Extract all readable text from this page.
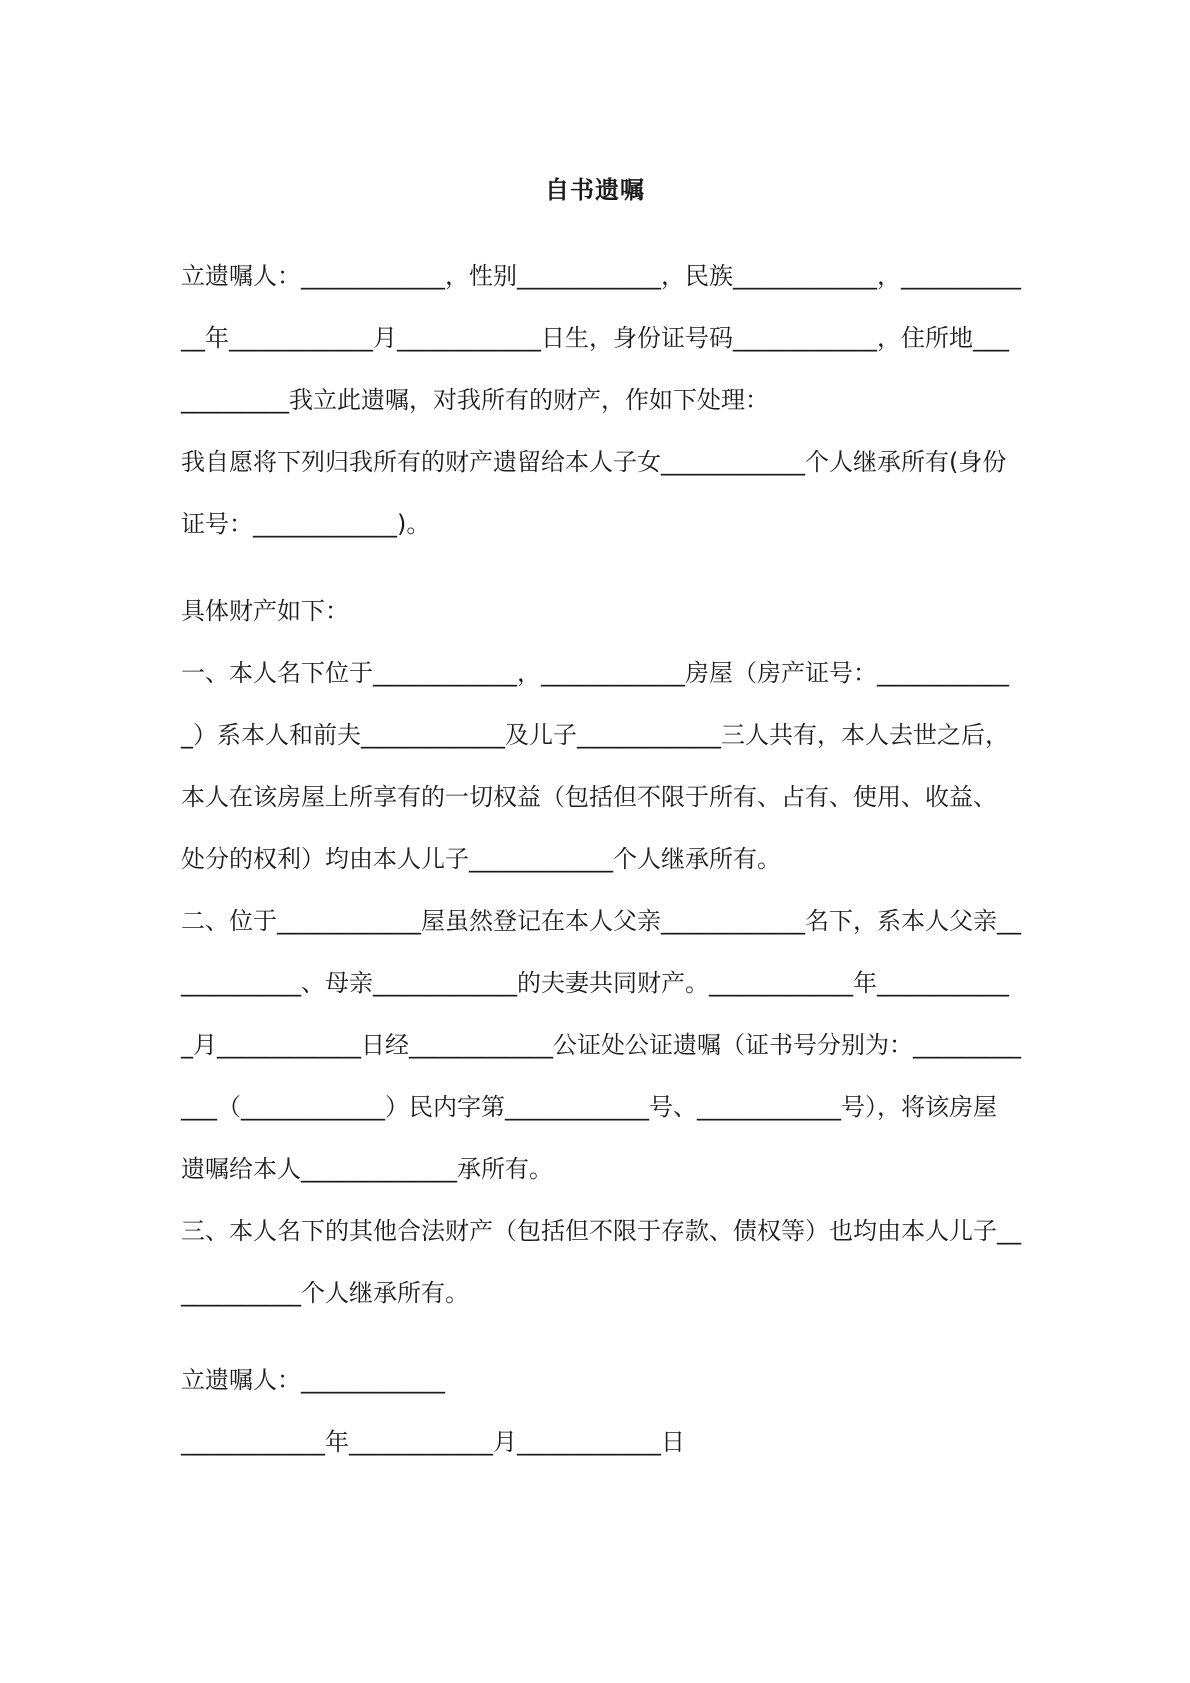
自书遗嘱
立遗嘱人：____________，性别____________，民族____________，__________
__年____________月____________日生，身份证号码____________，住所地___
_________我立此遗嘱，对我所有的财产，作如下处理：
我自愿将下列归我所有的财产遗留给本人子女____________个人继承所有(身份
证号：____________)。
具体财产如下：
一、本人名下位于____________，____________房屋（房产证号：___________
_）系本人和前夫____________及儿子____________三人共有，本人去世之后，
本人在该房屋上所享有的一切权益（包括但不限于所有、占有、使用、收益、
处分的权利）均由本人儿子____________个人继承所有。
二、位于____________屋虽然登记在本人父亲____________名下，系本人父亲__
__________、母亲____________的夫妻共同财产。____________年___________
_月____________日经____________公证处公证遗嘱（证书号分别为：_________
___（____________）民内字第____________号、____________号），将该房屋
遗嘱给本人_____________承所有。
三、本人名下的其他合法财产（包括但不限于存款、债权等）也均由本人儿子__
__________个人继承所有。
立遗嘱人：____________
____________年____________月____________日
